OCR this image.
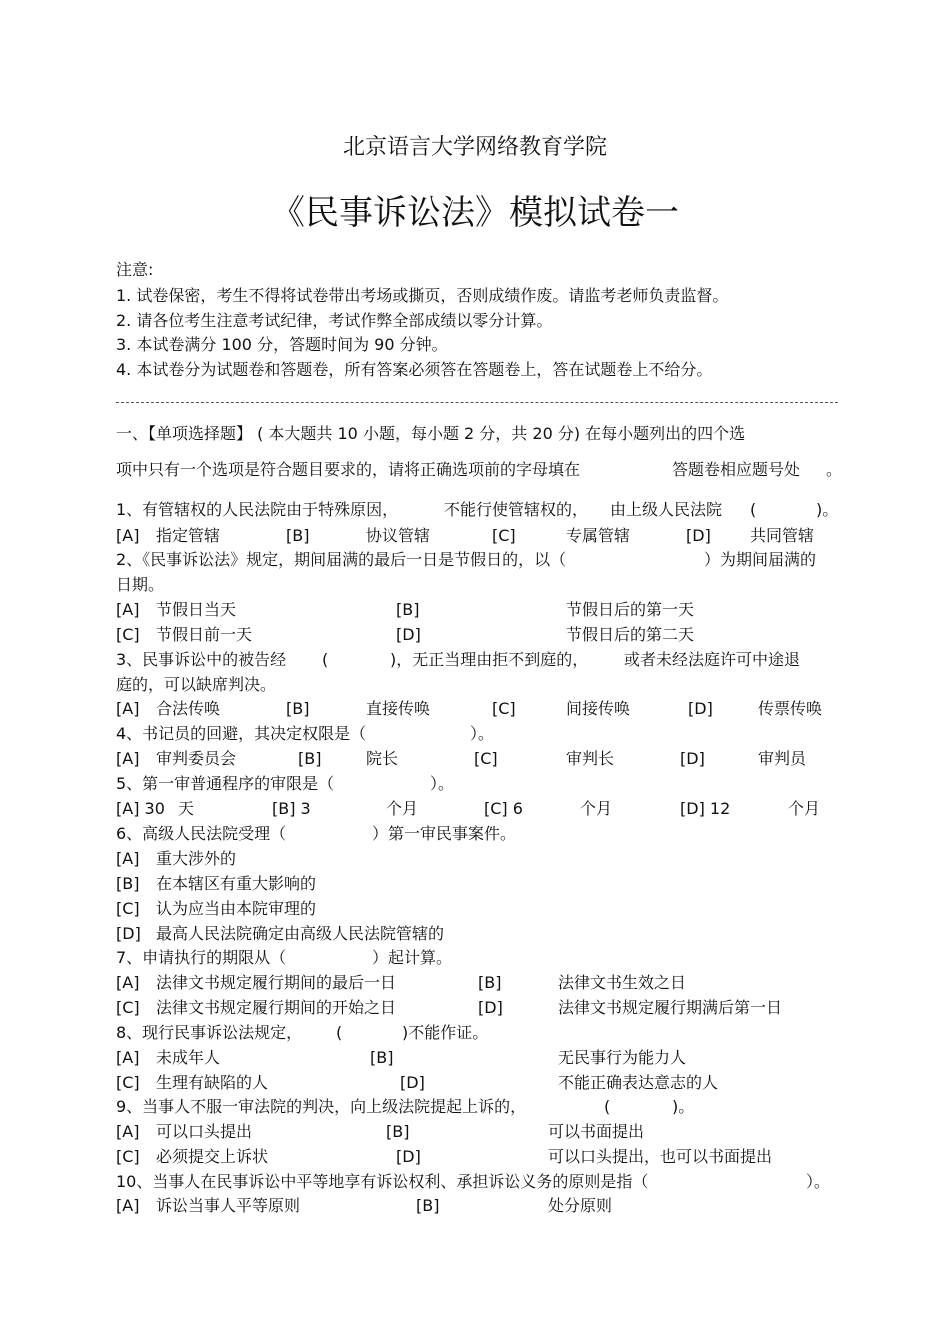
北京语言大学网络教育学院
《民事诉讼法》模拟试卷一
注意:
1. 试卷保密，考生不得将试卷带出考场或撕页，否则成绩作废。请监考老师负责监督。
2. 请各位考生注意考试纪律，考试作弊全部成绩以零分计算。
3. 本试卷满分 100 分，答题时间为 90 分钟。
4. 本试卷分为试题卷和答题卷，所有答案必须答在答题卷上，答在试题卷上不给分。
一、【单项选择题】 ( 本大题共 10 小题，每小题 2 分，共 20 分) 在每小题列出的四个选
项中只有一个选项是符合题目要求的，请将正确选项前的字母填在	答题卷相应题号处 。
1、有管辖权的人民法院由于特殊原因，	不能行使管辖权的， 由上级人民法院 (	)。
[A] 指定管辖	[B]	协议管辖	[C]	专属管辖	[D] 共同管辖
2、《民事诉讼法》规定，期间届满的最后一日是节假日的，以（	）为期间届满的
日期。
[A] 节假日当天	[B]	节假日后的第一天
[C] 节假日前一天	[D]	节假日后的第二天
3、民事诉讼中的被告经 (	)，无正当理由拒不到庭的， 或者未经法庭许可中途退
庭的，可以缺席判决。
[A] 合法传唤	[B]	直接传唤	[C]	间接传唤	[D]	传票传唤
4、书记员的回避，其决定权限是（	）。
[A] 审判委员会	[B]	院长	[C]	审判长	[D]	审判员
5、第一审普通程序的审限是（	）。
[A] 30 天	[B] 3	个月	[C] 6	个月	[D] 12	个月
6、高级人民法院受理（	）第一审民事案件。
[A] 重大涉外的
[B] 在本辖区有重大影响的
[C] 认为应当由本院审理的
[D] 最高人民法院确定由高级人民法院管辖的
7、申请执行的期限从（	）起计算。
[A] 法律文书规定履行期间的最后一日	[B]	法律文书生效之日
[C] 法律文书规定履行期间的开始之日	[D]	法律文书规定履行期满后第一日
8、现行民事诉讼法规定， (	)不能作证。
[A] 未成年人	[B]	无民事行为能力人
[C] 生理有缺陷的人	[D]	不能正确表达意志的人
9、当事人不服一审法院的判决，向上级法院提起上诉的，	(	)。
[A] 可以口头提出	[B]	可以书面提出
[C] 必须提交上诉状	[D]	可以口头提出，也可以书面提出
10、当事人在民事诉讼中平等地享有诉讼权利、承担诉讼义务的原则是指（	）。
[A] 诉讼当事人平等原则	[B]	处分原则
